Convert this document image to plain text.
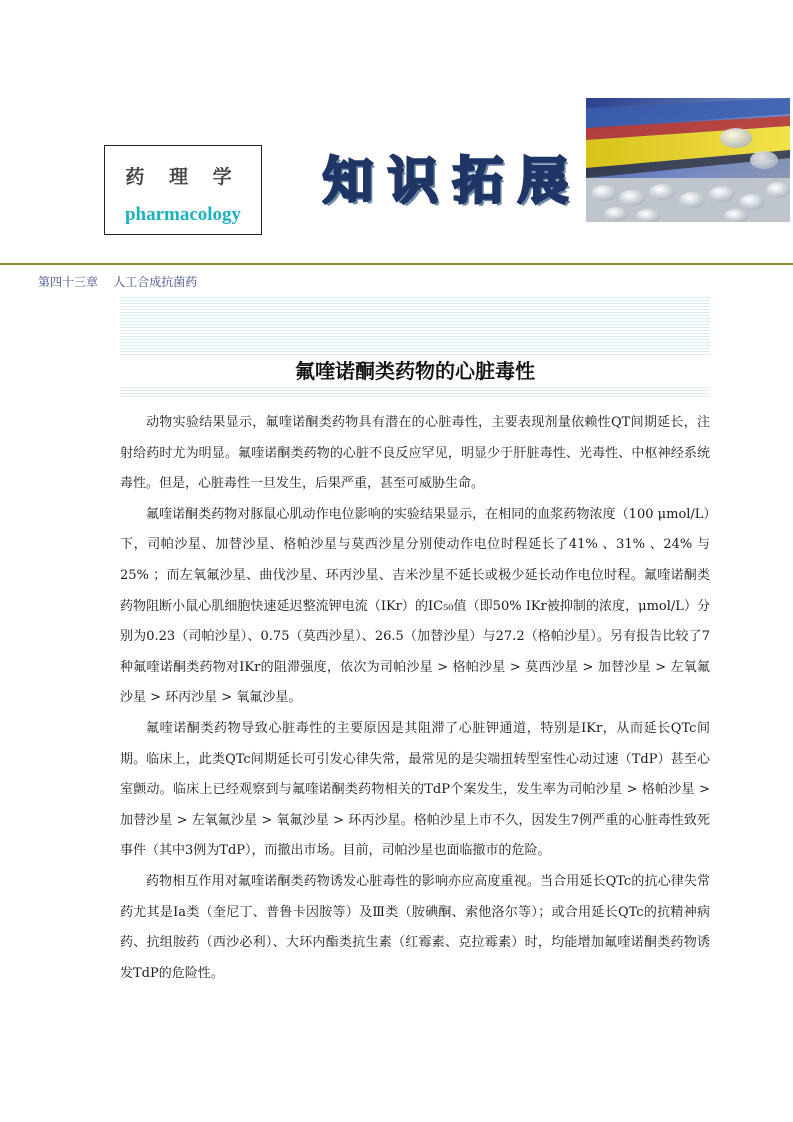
药 理 学
pharmacology
知 识 拓 展
第四十三章    人工合成抗菌药
氟喹诺酮类药物的心脏毒性

动物实验结果显示，氟喹诺酮类药物具有潜在的心脏毒性，主要表现剂量依赖性QT间期延长，注射给药时尤为明显。氟喹诺酮类药物的心脏不良反应罕见，明显少于肝脏毒性、光毒性、中枢神经系统毒性。但是，心脏毒性一旦发生，后果严重，甚至可威胁生命。

氟喹诺酮类药物对豚鼠心肌动作电位影响的实验结果显示，在相同的血浆药物浓度（100 μmol/L）下，司帕沙星、加替沙星、格帕沙星与莫西沙星分别使动作电位时程延长了41% 、31% 、24% 与25% ；而左氧氟沙星、曲伐沙星、环丙沙星、吉米沙星不延长或极少延长动作电位时程。氟喹诺酮类药物阻断小鼠心肌细胞快速延迟整流钾电流（IKr）的IC₅₀值（即50% IKr被抑制的浓度，μmol/L）分别为0.23（司帕沙星）、0.75（莫西沙星）、26.5（加替沙星）与27.2（格帕沙星）。另有报告比较了7种氟喹诺酮类药物对IKr的阻滞强度，依次为司帕沙星 > 格帕沙星 > 莫西沙星 > 加替沙星 > 左氧氟沙星 > 环丙沙星 > 氧氟沙星。

氟喹诺酮类药物导致心脏毒性的主要原因是其阻滞了心脏钾通道，特别是IKr，从而延长QTc间期。临床上，此类QTc间期延长可引发心律失常，最常见的是尖端扭转型室性心动过速（TdP）甚至心室颤动。临床上已经观察到与氟喹诺酮类药物相关的TdP个案发生，发生率为司帕沙星 > 格帕沙星 > 加替沙星 > 左氧氟沙星 > 氧氟沙星 > 环丙沙星。格帕沙星上市不久，因发生7例严重的心脏毒性致死事件（其中3例为TdP），而撤出市场。目前，司帕沙星也面临撤市的危险。

药物相互作用对氟喹诺酮类药物诱发心脏毒性的影响亦应高度重视。当合用延长QTc的抗心律失常药尤其是Ia类（奎尼丁、普鲁卡因胺等）及Ⅲ类（胺碘酮、索他洛尔等）；或合用延长QTc的抗精神病药、抗组胺药（西沙必利）、大环内酯类抗生素（红霉素、克拉霉素）时，均能增加氟喹诺酮类药物诱发TdP的危险性。
